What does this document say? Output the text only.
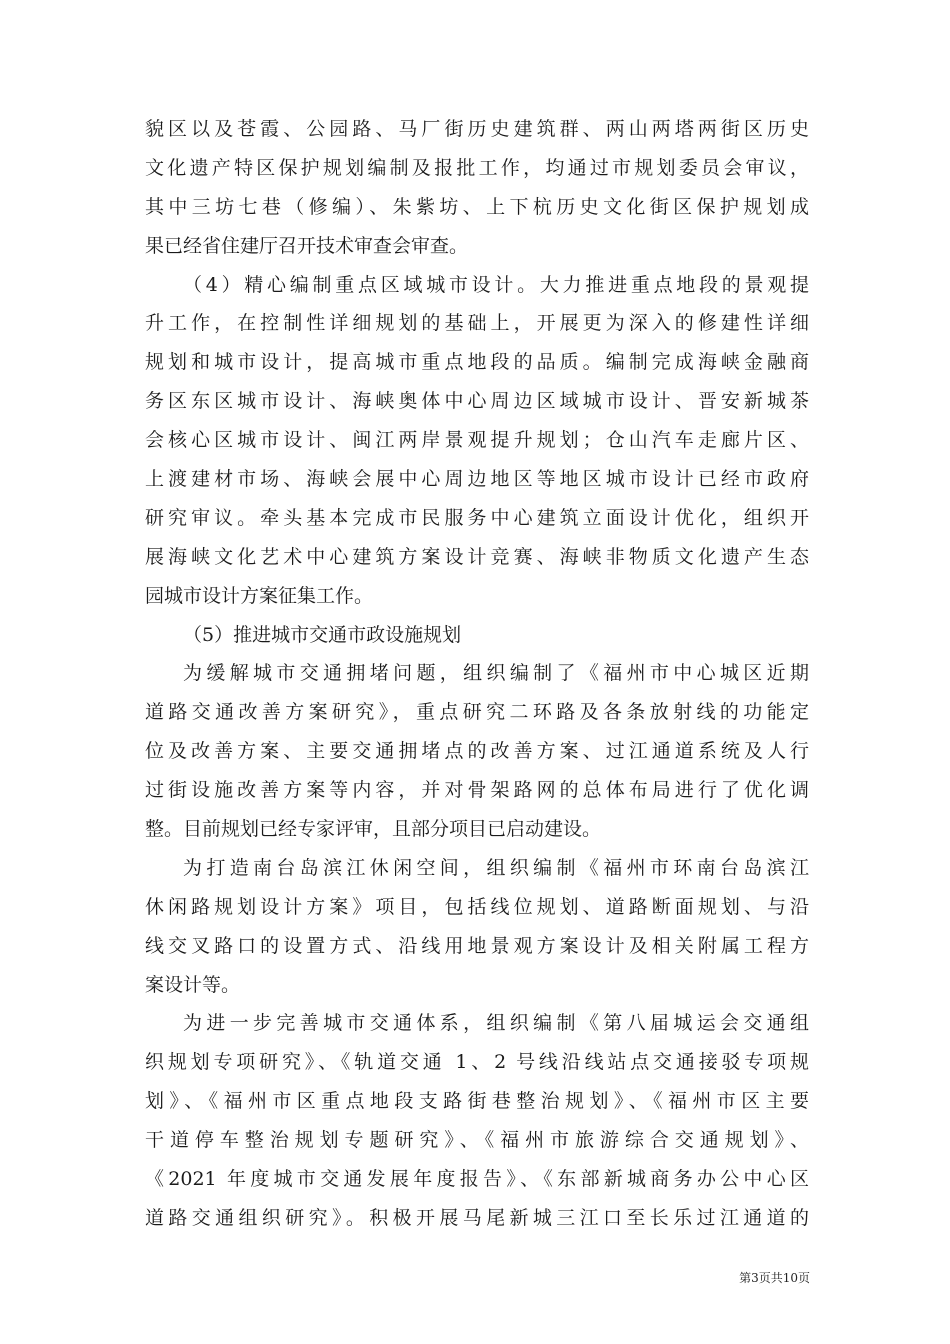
貌区以及苍霞、公园路、马厂街历史建筑群、两山两塔两街区历史
文化遗产特区保护规划编制及报批工作，均通过市规划委员会审议，
其中三坊七巷（修编）、朱紫坊、上下杭历史文化街区保护规划成
果已经省住建厅召开技术审查会审查。
（4）精心编制重点区域城市设计。大力推进重点地段的景观提
升工作，在控制性详细规划的基础上，开展更为深入的修建性详细
规划和城市设计，提高城市重点地段的品质。编制完成海峡金融商
务区东区城市设计、海峡奥体中心周边区域城市设计、晋安新城茶
会核心区城市设计、闽江两岸景观提升规划；仓山汽车走廊片区、
上渡建材市场、海峡会展中心周边地区等地区城市设计已经市政府
研究审议。牵头基本完成市民服务中心建筑立面设计优化，组织开
展海峡文化艺术中心建筑方案设计竞赛、海峡非物质文化遗产生态
园城市设计方案征集工作。
（5）推进城市交通市政设施规划
为缓解城市交通拥堵问题，组织编制了《福州市中心城区近期
道路交通改善方案研究》，重点研究二环路及各条放射线的功能定
位及改善方案、主要交通拥堵点的改善方案、过江通道系统及人行
过街设施改善方案等内容，并对骨架路网的总体布局进行了优化调
整。目前规划已经专家评审，且部分项目已启动建设。
为打造南台岛滨江休闲空间，组织编制《福州市环南台岛滨江
休闲路规划设计方案》项目，包括线位规划、道路断面规划、与沿
线交叉路口的设置方式、沿线用地景观方案设计及相关附属工程方
案设计等。
为进一步完善城市交通体系，组织编制《第八届城运会交通组
织规划专项研究》、《轨道交通 1、2 号线沿线站点交通接驳专项规
划》、《福州市区重点地段支路街巷整治规划》、《福州市区主要
干道停车整治规划专题研究》、《福州市旅游综合交通规划》、
《2021 年度城市交通发展年度报告》、《东部新城商务办公中心区
道路交通组织研究》。积极开展马尾新城三江口至长乐过江通道的
第3页共10页
